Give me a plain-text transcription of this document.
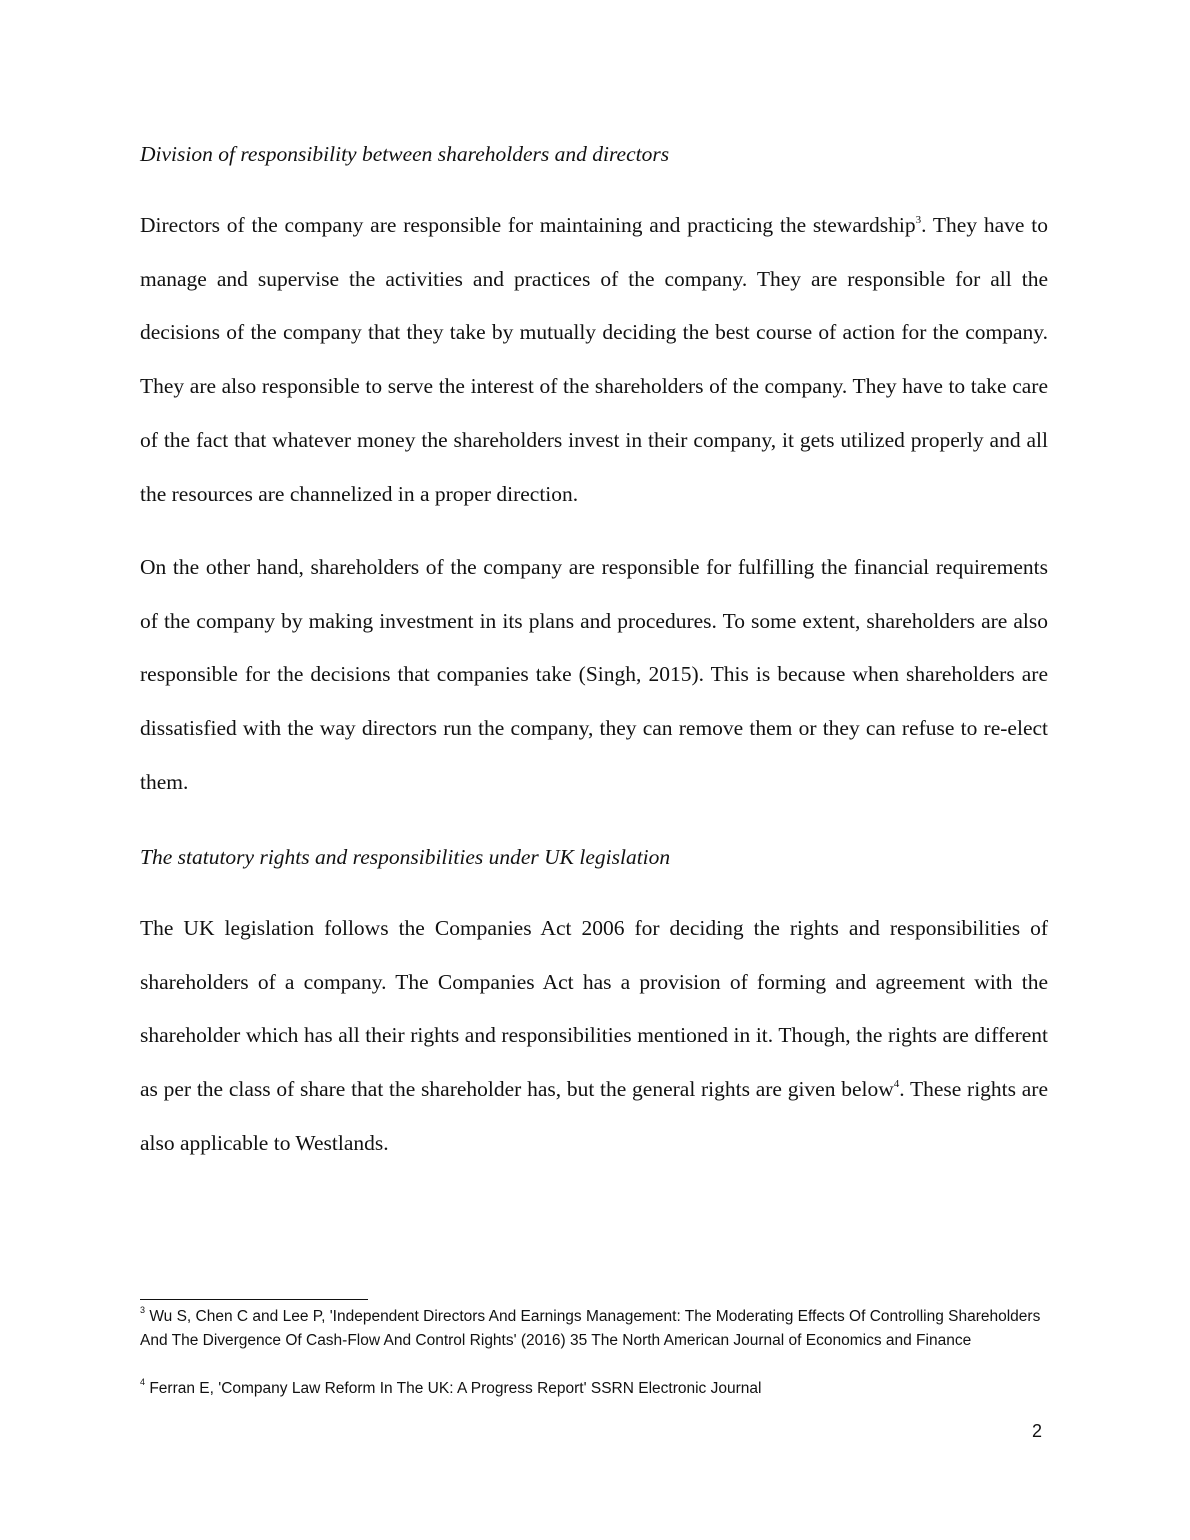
Division of responsibility between shareholders and directors

Directors of the company are responsible for maintaining and practicing the stewardship$^3$. They have to manage and supervise the activities and practices of the company. They are responsible for all the decisions of the company that they take by mutually deciding the best course of action for the company. They are also responsible to serve the interest of the shareholders of the company. They have to take care of the fact that whatever money the shareholders invest in their company, it gets utilized properly and all the resources are channelized in a proper direction.

On the other hand, shareholders of the company are responsible for fulfilling the financial requirements of the company by making investment in its plans and procedures. To some extent, shareholders are also responsible for the decisions that companies take (Singh, 2015). This is because when shareholders are dissatisfied with the way directors run the company, they can remove them or they can refuse to re-elect them.

The statutory rights and responsibilities under UK legislation

The UK legislation follows the Companies Act 2006 for deciding the rights and responsibilities of shareholders of a company. The Companies Act has a provision of forming and agreement with the shareholder which has all their rights and responsibilities mentioned in it. Though, the rights are different as per the class of share that the shareholder has, but the general rights are given below$^4$. These rights are also applicable to Westlands.

$^3$ Wu S, Chen C and Lee P, 'Independent Directors And Earnings Management: The Moderating Effects Of Controlling Shareholders And The Divergence Of Cash-Flow And Control Rights' (2016) 35 The North American Journal of Economics and Finance

$^4$ Ferran E, 'Company Law Reform In The UK: A Progress Report' SSRN Electronic Journal

2
